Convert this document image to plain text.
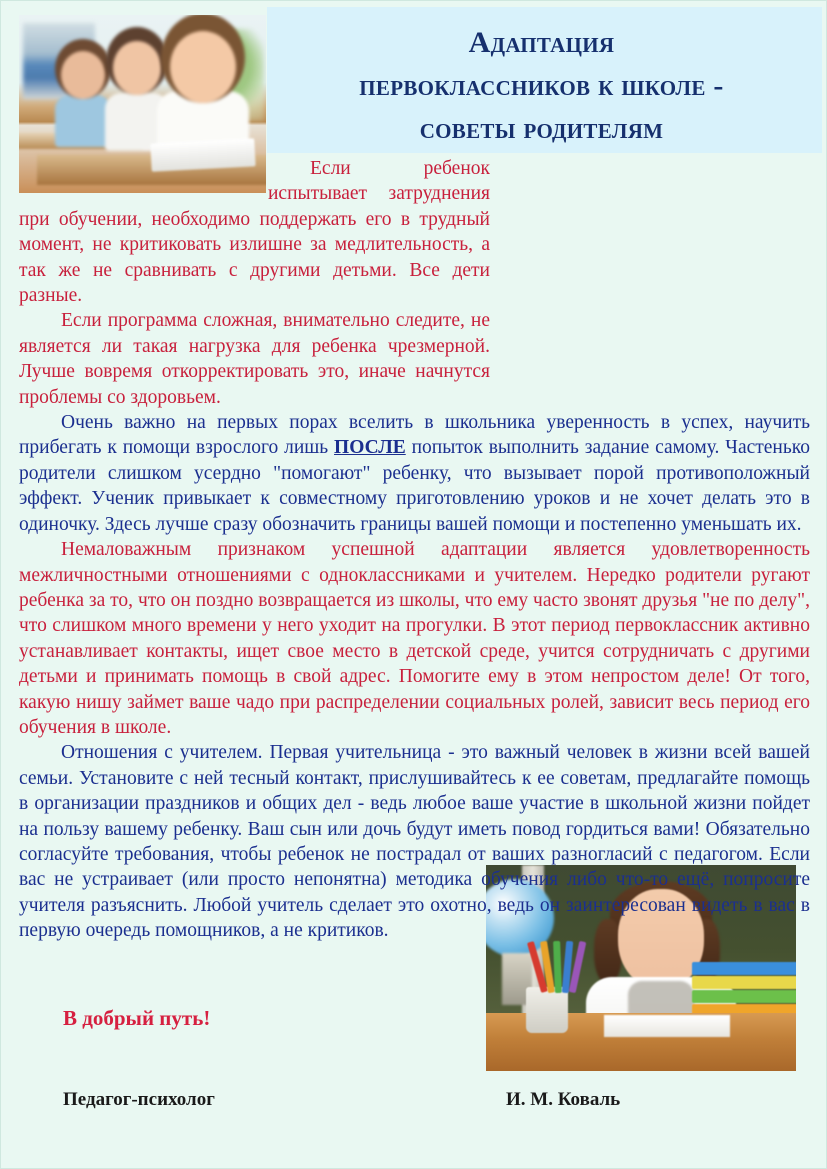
Адаптация
первоклассников к школе -
советы родителям

Если ребенок испытывает затруднения при обучении, необходимо поддержать его в трудный момент, не критиковать излишне за медлительность, а так же не сравнивать с другими детьми. Все дети разные.

Если программа сложная, внимательно следите, не является ли такая нагрузка для ребенка чрезмерной. Лучше вовремя откорректировать это, иначе начнутся проблемы со здоровьем.

Очень важно на первых порах вселить в школьника уверенность в успех, научить прибегать к помощи взрослого лишь ПОСЛЕ попыток выполнить задание самому. Частенько родители слишком усердно "помогают" ребенку, что вызывает порой противоположный эффект. Ученик привыкает к совместному приготовлению уроков и не хочет делать это в одиночку. Здесь лучше сразу обозначить границы вашей помощи и постепенно уменьшать их.

Немаловажным признаком успешной адаптации является удовлетворенность межличностными отношениями с одноклассниками и учителем. Нередко родители ругают ребенка за то, что он поздно возвращается из школы, что ему часто звонят друзья "не по делу", что слишком много времени у него уходит на прогулки. В этот период первоклассник активно устанавливает контакты, ищет свое место в детской среде, учится сотрудничать с другими детьми и принимать помощь в свой адрес. Помогите ему в этом непростом деле! От того, какую нишу займет ваше чадо при распределении социальных ролей, зависит весь период его обучения в школе.

Отношения с учителем. Первая учительница - это важный человек в жизни всей вашей семьи. Установите с ней тесный контакт, прислушивайтесь к ее советам, предлагайте помощь в организации праздников и общих дел - ведь любое ваше участие в школьной жизни пойдет на пользу вашему ребенку. Ваш сын или дочь будут иметь повод гордиться вами! Обязательно согласуйте требования, чтобы ребенок не пострадал от ваших разногласий с педагогом. Если вас не устраивает (или просто непонятна) методика обучения либо что-то ещё, попросите учителя разъяснить. Любой учитель сделает это охотно, ведь он заинтересован видеть в вас в первую очередь помощников, а не критиков.

В добрый путь!
Педагог-психолог	И. М. Коваль
